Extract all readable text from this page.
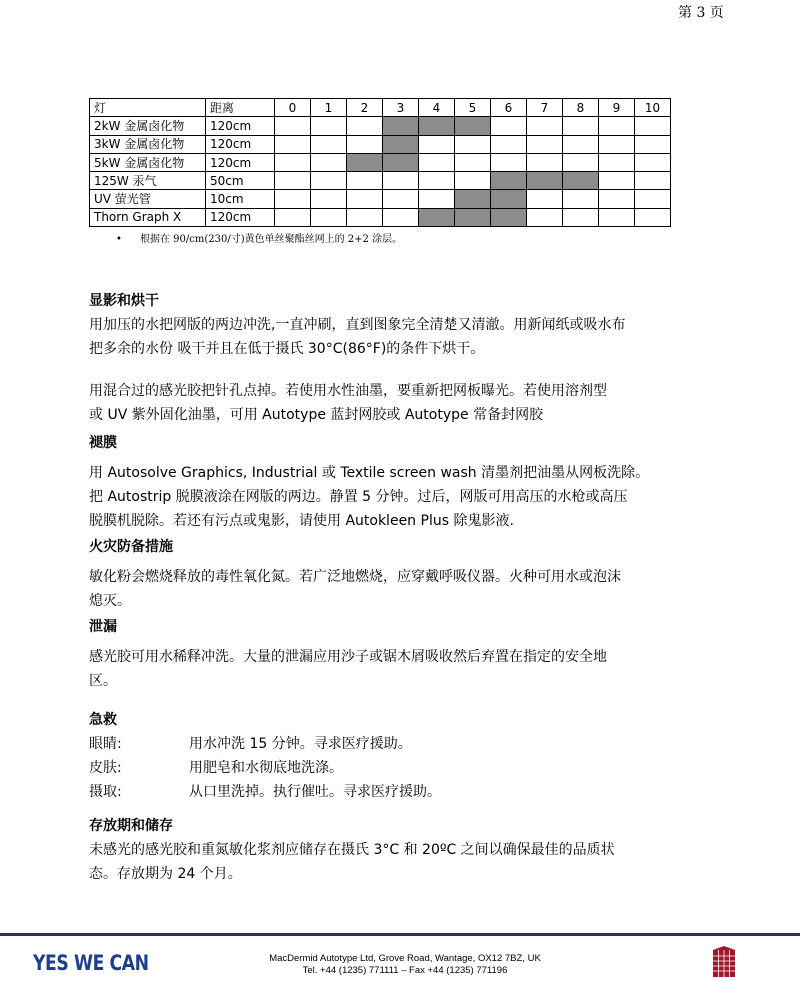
第 3 页
灯	距离	0	1	2	3	4	5	6	7	8	9	10
2kW 金属卤化物	120cm											
3kW 金属卤化物	120cm											
5kW 金属卤化物	120cm											
125W 汞气	50cm											
UV 萤光管	10cm											
Thorn Graph X	120cm											
• 根据在 90/cm(230/寸)黄色单丝聚酯丝网上的 2+2 涂层。
显影和烘干

用加压的水把网版的两边冲洗,一直冲刷，直到图象完全清楚又清澈。用新闻纸或吸水布

把多余的水份 吸干并且在低于摄氏 30°C(86°F)的条件下烘干。

用混合过的感光胶把针孔点掉。若使用水性油墨，要重新把网板曝光。若使用溶剂型

或 UV 紫外固化油墨，可用 Autotype 蓝封网胶或 Autotype 常备封网胶

褪膜

用 Autosolve Graphics, Industrial 或 Textile screen wash 清墨剂把油墨从网板洗除。

把 Autostrip 脱膜液涂在网版的两边。静置 5 分钟。过后，网版可用高压的水枪或高压

脱膜机脱除。若还有污点或鬼影，请使用 Autokleen Plus 除鬼影液.

火灾防备措施

敏化粉会燃烧释放的毒性氧化氮。若广泛地燃烧，应穿戴呼吸仪器。火种可用水或泡沫

熄灭。

泄漏

感光胶可用水稀释冲洗。大量的泄漏应用沙子或锯木屑吸收然后弃置在指定的安全地

区。

急救
眼睛:	用水冲洗 15 分钟。寻求医疗援助。
皮肤:	用肥皂和水彻底地洗涤。
摄取:	从口里洗掉。执行催吐。寻求医疗援助。
存放期和储存

未感光的感光胶和重氮敏化浆剂应储存在摄氏 3°C 和 20ºC 之间以确保最佳的品质状

态。存放期为 24 个月。

YES WE CAN	MacDermid Autotype Ltd, Grove Road, Wantage, OX12 7BZ, UK
Tel. +44 (1235) 771111 – Fax +44 (1235) 771196
